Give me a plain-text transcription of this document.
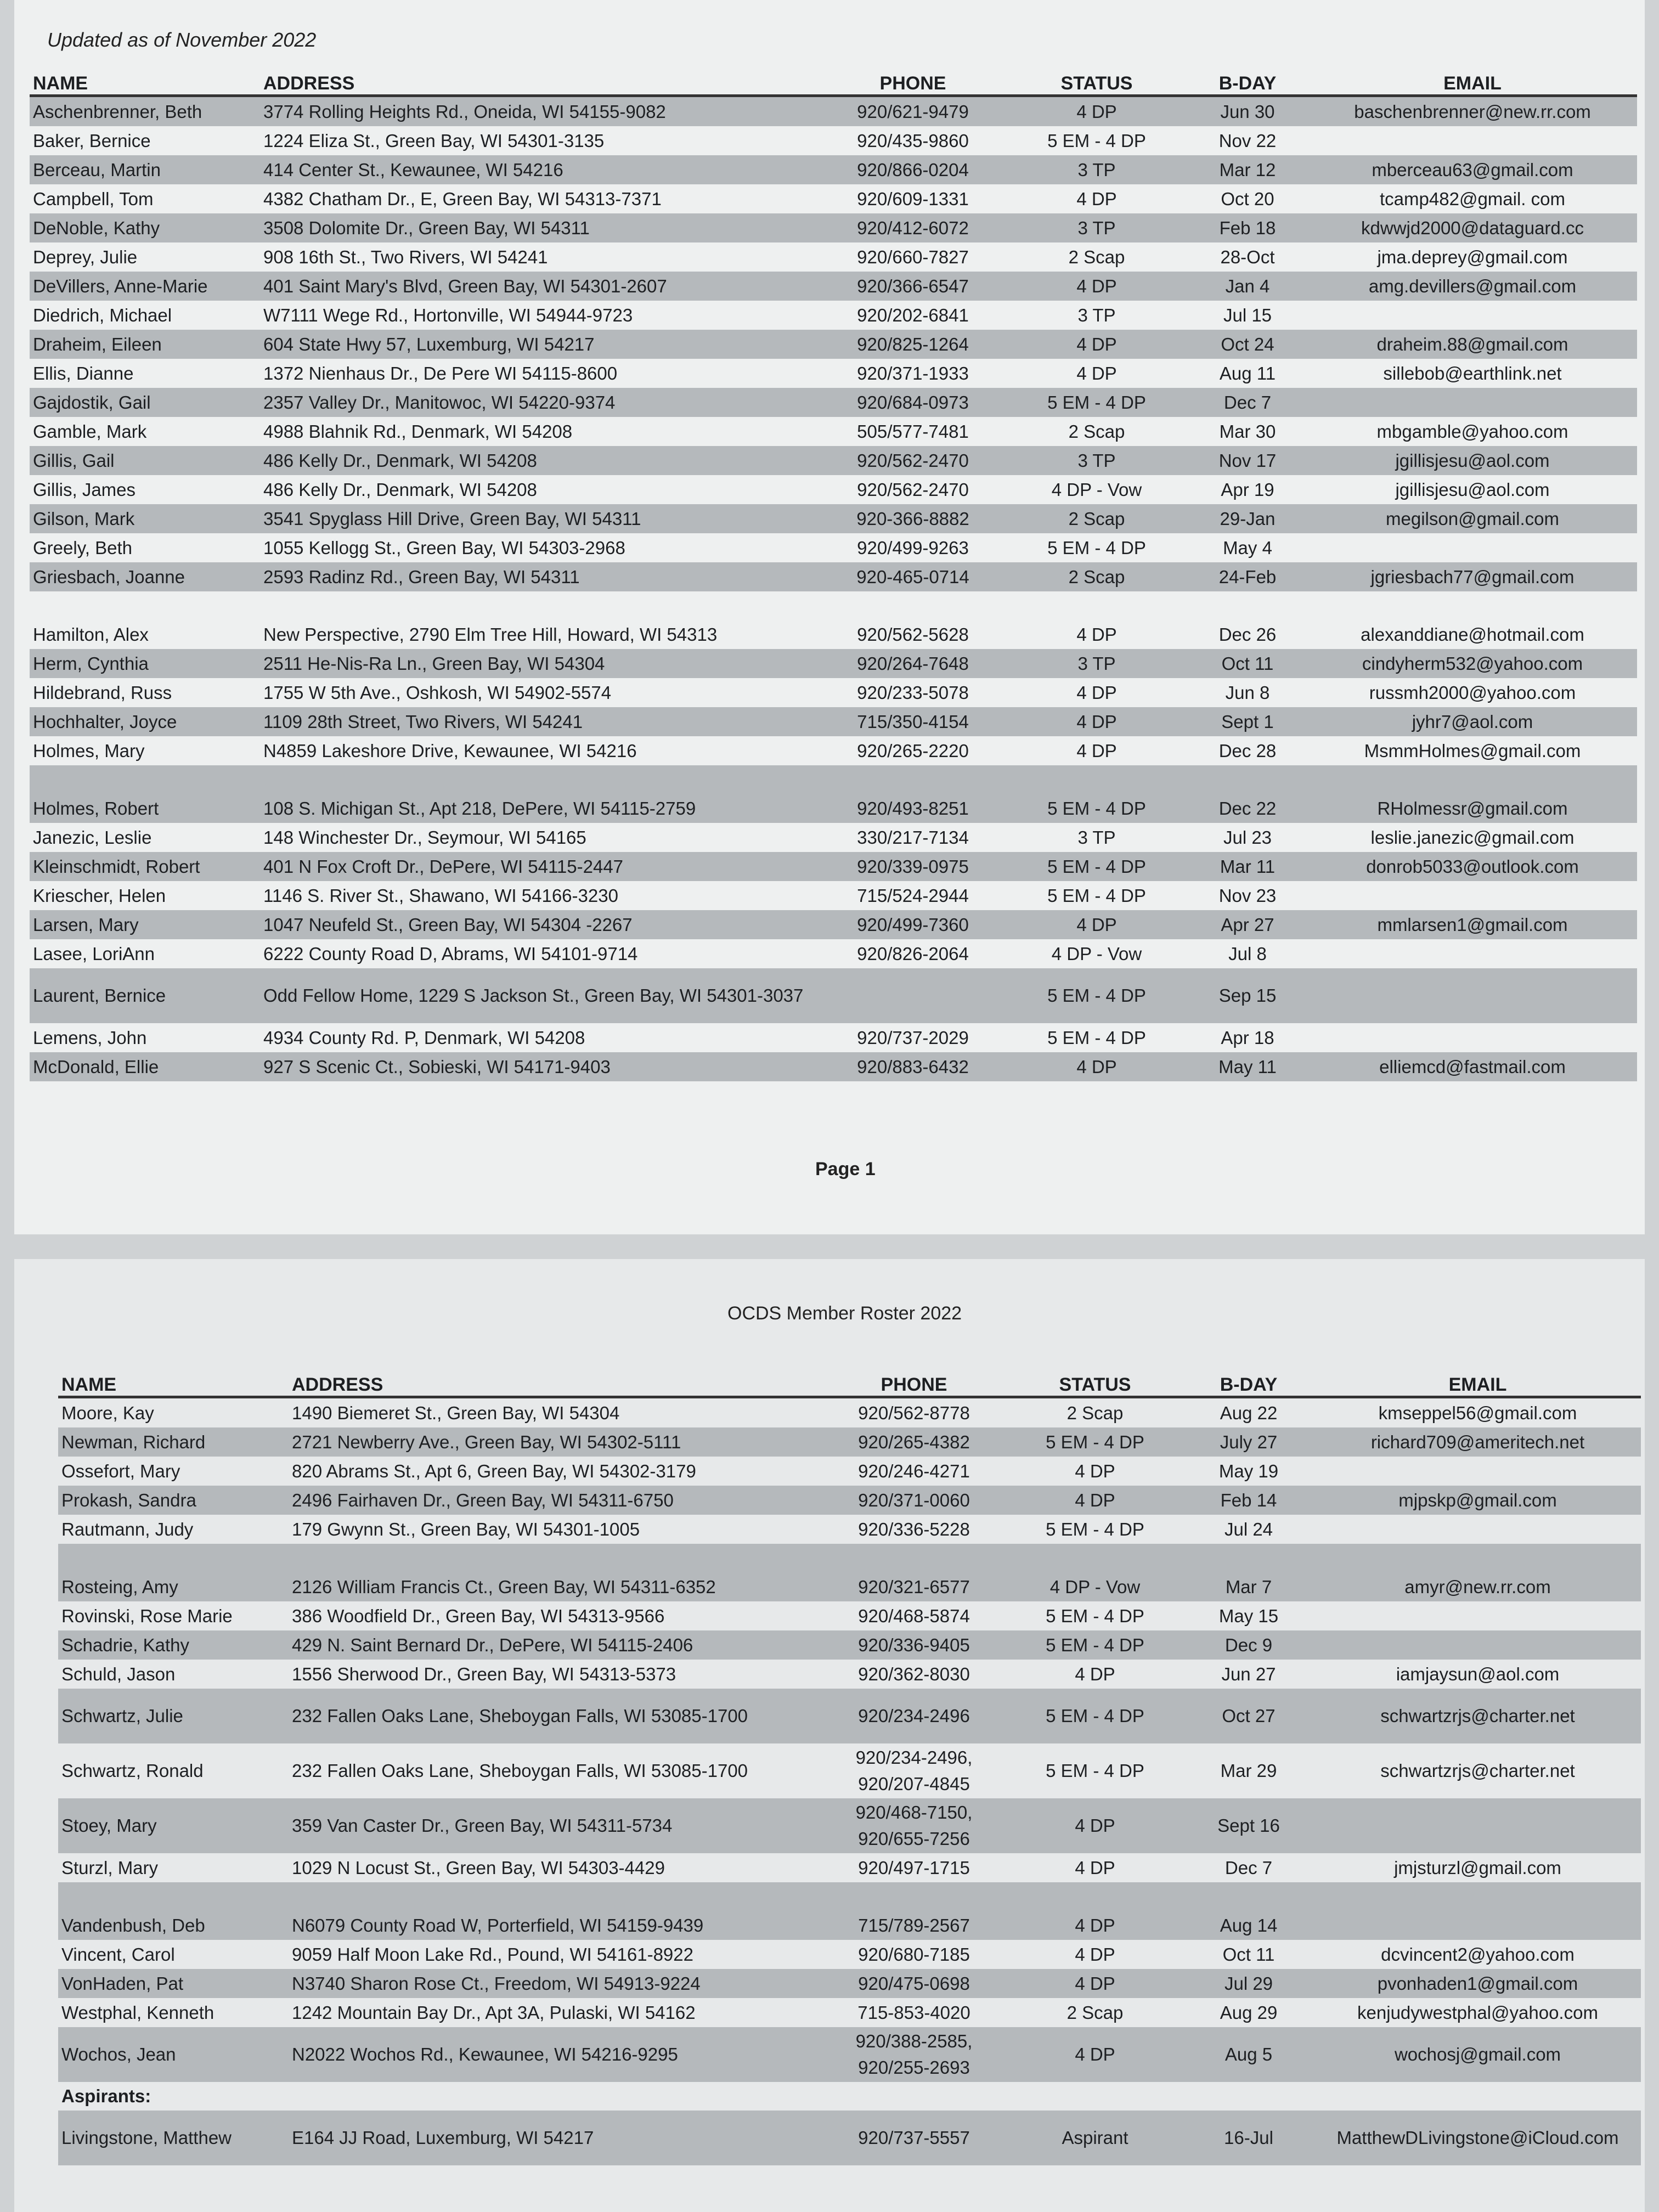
Updated as of November 2022
NAME	ADDRESS	PHONE	STATUS	B-DAY	EMAIL
Aschenbrenner, Beth	3774 Rolling Heights Rd., Oneida, WI 54155-9082	920/621-9479	4 DP	Jun 30	baschenbrenner@new.rr.com
Baker, Bernice	1224 Eliza St., Green Bay, WI 54301-3135	920/435-9860	5 EM - 4 DP	Nov 22	
Berceau, Martin	414 Center St., Kewaunee, WI 54216	920/866-0204	3 TP	Mar 12	mberceau63@gmail.com
Campbell, Tom	4382 Chatham Dr., E, Green Bay, WI 54313-7371	920/609-1331	4 DP	Oct 20	tcamp482@gmail. com
DeNoble, Kathy	3508 Dolomite Dr., Green Bay, WI 54311	920/412-6072	3 TP	Feb 18	kdwwjd2000@dataguard.cc
Deprey, Julie	908 16th St., Two Rivers, WI 54241	920/660-7827	2 Scap	28-Oct	jma.deprey@gmail.com
DeVillers, Anne-Marie	401 Saint Mary's Blvd, Green Bay, WI 54301-2607	920/366-6547	4 DP	Jan 4	amg.devillers@gmail.com
Diedrich, Michael	W7111 Wege Rd., Hortonville, WI 54944-9723	920/202-6841	3 TP	Jul 15	
Draheim, Eileen	604 State Hwy 57, Luxemburg, WI 54217	920/825-1264	4 DP	Oct 24	draheim.88@gmail.com
Ellis, Dianne	1372 Nienhaus Dr., De Pere WI 54115-8600	920/371-1933	4 DP	Aug 11	sillebob@earthlink.net
Gajdostik, Gail	2357 Valley Dr., Manitowoc, WI 54220-9374	920/684-0973	5 EM - 4 DP	Dec 7	
Gamble, Mark	4988 Blahnik Rd., Denmark, WI 54208	505/577-7481	2 Scap	Mar 30	mbgamble@yahoo.com
Gillis, Gail	486 Kelly Dr., Denmark, WI 54208	920/562-2470	3 TP	Nov 17	jgillisjesu@aol.com
Gillis, James	486 Kelly Dr., Denmark, WI 54208	920/562-2470	4 DP - Vow	Apr 19	jgillisjesu@aol.com
Gilson, Mark	3541 Spyglass Hill Drive, Green Bay, WI 54311	920-366-8882	2 Scap	29-Jan	megilson@gmail.com
Greely, Beth	1055 Kellogg St., Green Bay, WI 54303-2968	920/499-9263	5 EM - 4 DP	May 4	
Griesbach, Joanne	2593 Radinz Rd., Green Bay, WI 54311	920-465-0714	2 Scap	24-Feb	jgriesbach77@gmail.com

Hamilton, Alex	New Perspective, 2790 Elm Tree Hill, Howard, WI 54313	920/562-5628	4 DP	Dec 26	alexanddiane@hotmail.com
Herm, Cynthia	2511 He-Nis-Ra Ln., Green Bay, WI 54304	920/264-7648	3 TP	Oct 11	cindyherm532@yahoo.com
Hildebrand, Russ	1755 W 5th Ave., Oshkosh, WI 54902-5574	920/233-5078	4 DP	Jun 8	russmh2000@yahoo.com
Hochhalter, Joyce	1109 28th Street, Two Rivers, WI 54241	715/350-4154	4 DP	Sept 1	jyhr7@aol.com
Holmes, Mary	N4859 Lakeshore Drive, Kewaunee, WI 54216	920/265-2220	4 DP	Dec 28	MsmmHolmes@gmail.com

Holmes, Robert	108 S. Michigan St., Apt 218, DePere, WI 54115-2759	920/493-8251	5 EM - 4 DP	Dec 22	RHolmessr@gmail.com
Janezic, Leslie	148 Winchester Dr., Seymour, WI 54165	330/217-7134	3 TP	Jul 23	leslie.janezic@gmail.com
Kleinschmidt, Robert	401 N Fox Croft Dr., DePere, WI 54115-2447	920/339-0975	5 EM - 4 DP	Mar 11	donrob5033@outlook.com
Kriescher, Helen	1146 S. River St., Shawano, WI 54166-3230	715/524-2944	5 EM - 4 DP	Nov 23	
Larsen, Mary	1047 Neufeld St., Green Bay, WI 54304 -2267	920/499-7360	4 DP	Apr 27	mmlarsen1@gmail.com
Lasee, LoriAnn	6222 County Road D, Abrams, WI 54101-9714	920/826-2064	4 DP - Vow	Jul 8	
Laurent, Bernice	Odd Fellow Home, 1229 S Jackson St., Green Bay, WI 54301-3037		5 EM - 4 DP	Sep 15	
Lemens, John	4934 County Rd. P, Denmark, WI 54208	920/737-2029	5 EM - 4 DP	Apr 18	
McDonald, Ellie	927 S Scenic Ct., Sobieski, WI 54171-9403	920/883-6432	4 DP	May 11	elliemcd@fastmail.com
Page 1
OCDS Member Roster 2022
NAME	ADDRESS	PHONE	STATUS	B-DAY	EMAIL
Moore, Kay	1490 Biemeret St., Green Bay, WI 54304	920/562-8778	2 Scap	Aug 22	kmseppel56@gmail.com
Newman, Richard	2721 Newberry Ave., Green Bay, WI 54302-5111	920/265-4382	5 EM - 4 DP	July 27	richard709@ameritech.net
Ossefort, Mary	820 Abrams St., Apt 6, Green Bay, WI 54302-3179	920/246-4271	4 DP	May 19	
Prokash, Sandra	2496 Fairhaven Dr., Green Bay, WI 54311-6750	920/371-0060	4 DP	Feb 14	mjpskp@gmail.com
Rautmann, Judy	179 Gwynn St., Green Bay, WI 54301-1005	920/336-5228	5 EM - 4 DP	Jul 24	

Rosteing, Amy	2126 William Francis Ct., Green Bay, WI 54311-6352	920/321-6577	4 DP - Vow	Mar 7	amyr@new.rr.com
Rovinski, Rose Marie	386 Woodfield Dr., Green Bay, WI 54313-9566	920/468-5874	5 EM - 4 DP	May 15	
Schadrie, Kathy	429 N. Saint Bernard Dr., DePere, WI 54115-2406	920/336-9405	5 EM - 4 DP	Dec 9	
Schuld, Jason	1556 Sherwood Dr., Green Bay, WI 54313-5373	920/362-8030	4 DP	Jun 27	iamjaysun@aol.com
Schwartz, Julie	232 Fallen Oaks Lane, Sheboygan Falls, WI 53085-1700	920/234-2496	5 EM - 4 DP	Oct 27	schwartzrjs@charter.net
Schwartz, Ronald	232 Fallen Oaks Lane, Sheboygan Falls, WI 53085-1700	920/234-2496, 920/207-4845	5 EM - 4 DP	Mar 29	schwartzrjs@charter.net
Stoey, Mary	359 Van Caster Dr., Green Bay, WI 54311-5734	920/468-7150, 920/655-7256	4 DP	Sept 16	
Sturzl, Mary	1029 N Locust St., Green Bay, WI 54303-4429	920/497-1715	4 DP	Dec 7	jmjsturzl@gmail.com

Vandenbush, Deb	N6079 County Road W, Porterfield, WI 54159-9439	715/789-2567	4 DP	Aug 14	
Vincent, Carol	9059 Half Moon Lake Rd., Pound, WI 54161-8922	920/680-7185	4 DP	Oct 11	dcvincent2@yahoo.com
VonHaden, Pat	N3740 Sharon Rose Ct., Freedom, WI 54913-9224	920/475-0698	4 DP	Jul 29	pvonhaden1@gmail.com
Westphal, Kenneth	1242 Mountain Bay Dr., Apt 3A, Pulaski, WI 54162	715-853-4020	2 Scap	Aug 29	kenjudywestphal@yahoo.com
Wochos, Jean	N2022 Wochos Rd., Kewaunee, WI 54216-9295	920/388-2585, 920/255-2693	4 DP	Aug 5	wochosj@gmail.com
Aspirants:					
Livingstone, Matthew	E164 JJ Road, Luxemburg, WI 54217	920/737-5557	Aspirant	16-Jul	MatthewDLivingstone@iCloud.com
